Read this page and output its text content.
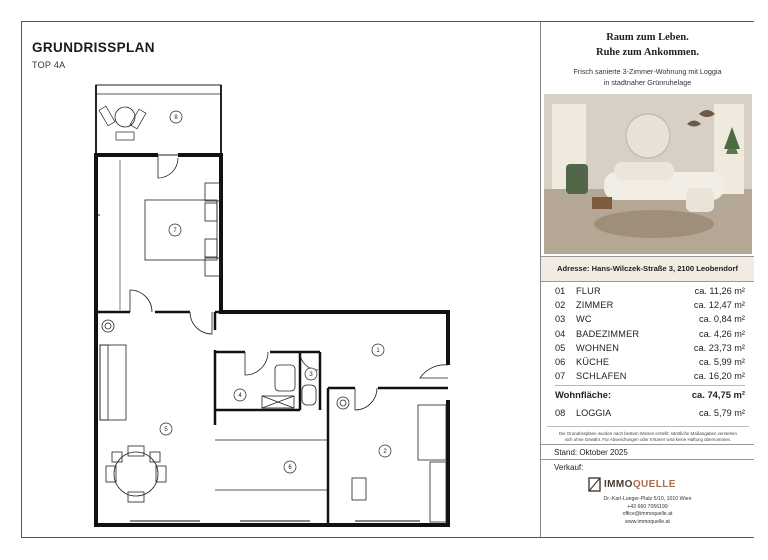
GRUNDRISSPLAN
TOP 4A
1
2
3
4
5
6
7
8
Raum zum Leben.
Ruhe zum Ankommen.
Frisch sanierte 3-Zimmer-Wohnung mit Loggia
in stadtnaher Grünruhelage
Adresse: Hans-Wilczek-Straße 3, 2100 Leobendorf
01	FLUR	ca. 11,26 m²
02	ZIMMER	ca. 12,47 m²
03	WC	ca. 0,84 m²
04	BADEZIMMER	ca. 4,26 m²
05	WOHNEN	ca. 23,73 m²
06	KÜCHE	ca. 5,99 m²
07	SCHLAFEN	ca. 16,20 m²
Wohnfläche:	ca. 74,75 m²
08	LOGGIA	ca. 5,79 m²
Die Grundrisspläne wurden nach bestem Wissen erstellt; sämtliche Maßangaben verstehen
sich ohne Gewähr. Für Abweichungen oder Irrtümer wird keine Haftung übernommen.
Stand: Oktober 2025
Verkauf:
IMMOQUELLE
Dr.-Karl-Lueger-Platz 5/10, 1010 Wien
+43 660 7056199
office@immoquelle.at
www.immoquelle.at
